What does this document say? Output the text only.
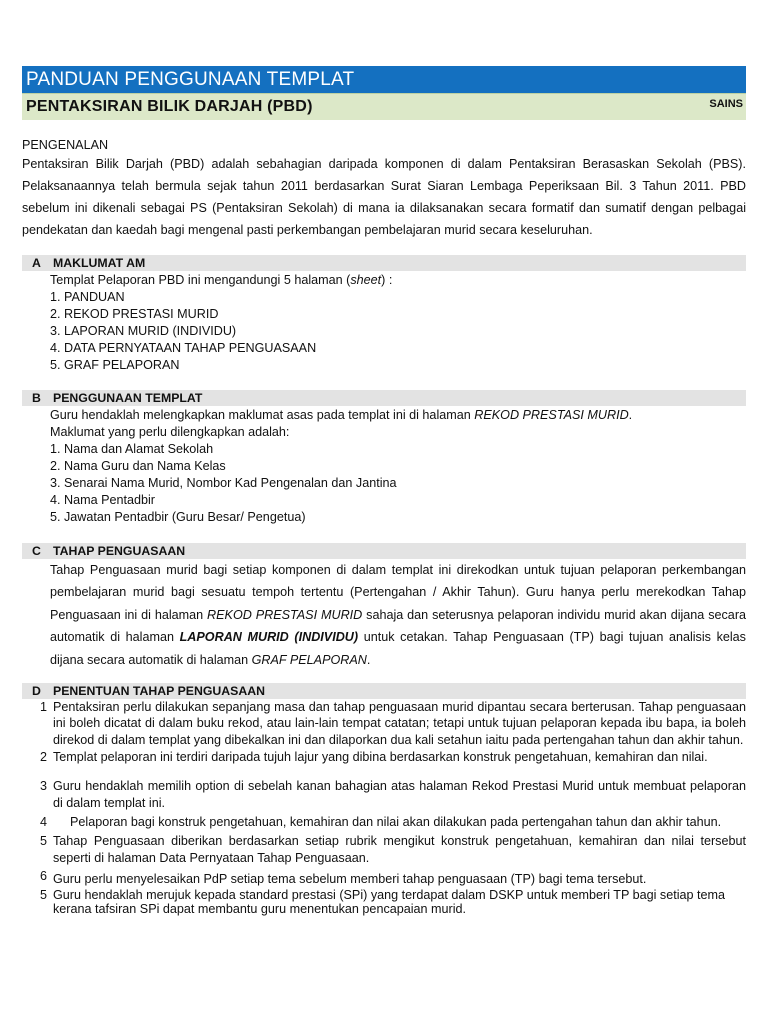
PANDUAN PENGGUNAAN TEMPLAT
PENTAKSIRAN BILIK DARJAH (PBD)	SAINS
PENGENALAN
Pentaksiran Bilik Darjah (PBD) adalah sebahagian daripada komponen di dalam Pentaksiran Berasaskan Sekolah (PBS). Pelaksanaannya telah bermula sejak tahun 2011 berdasarkan Surat Siaran Lembaga Peperiksaan Bil. 3 Tahun 2011. PBD sebelum ini dikenali sebagai PS (Pentaksiran Sekolah) di mana ia dilaksanakan secara formatif dan sumatif dengan pelbagai pendekatan dan kaedah bagi mengenal pasti perkembangan pembelajaran murid secara keseluruhan.
A MAKLUMAT AM
Templat Pelaporan PBD ini mengandungi 5 halaman (sheet) :
1. PANDUAN
2. REKOD PRESTASI MURID
3. LAPORAN MURID (INDIVIDU)
4. DATA PERNYATAAN TAHAP PENGUASAAN
5. GRAF PELAPORAN
B PENGGUNAAN TEMPLAT
Guru hendaklah melengkapkan maklumat asas pada templat ini di halaman REKOD PRESTASI MURID.
Maklumat yang perlu dilengkapkan adalah:
1. Nama dan Alamat Sekolah
2. Nama Guru dan Nama Kelas
3. Senarai Nama Murid, Nombor Kad Pengenalan dan Jantina
4. Nama Pentadbir
5. Jawatan Pentadbir (Guru Besar/ Pengetua)
C TAHAP PENGUASAAN
Tahap Penguasaan murid bagi setiap komponen di dalam templat ini direkodkan untuk tujuan pelaporan perkembangan pembelajaran murid bagi sesuatu tempoh tertentu (Pertengahan / Akhir Tahun). Guru hanya perlu merekodkan Tahap Penguasaan ini di halaman REKOD PRESTASI MURID sahaja dan seterusnya pelaporan individu murid akan dijana secara automatik di halaman LAPORAN MURID (INDIVIDU) untuk cetakan. Tahap Penguasaan (TP) bagi tujuan analisis kelas dijana secara automatik di halaman GRAF PELAPORAN.
D PENENTUAN TAHAP PENGUASAAN
1 Pentaksiran perlu dilakukan sepanjang masa dan tahap penguasaan murid dipantau secara berterusan. Tahap penguasaan ini boleh dicatat di dalam buku rekod, atau lain-lain tempat catatan; tetapi untuk tujuan pelaporan kepada ibu bapa, ia boleh direkod di dalam templat yang dibekalkan ini dan dilaporkan dua kali setahun iaitu pada pertengahan tahun dan akhir tahun.
2 Templat pelaporan ini terdiri daripada tujuh lajur yang dibina berdasarkan konstruk pengetahuan, kemahiran dan nilai.
3 Guru hendaklah memilih option di sebelah kanan bahagian atas halaman Rekod Prestasi Murid untuk membuat pelaporan di dalam templat ini.
4 Pelaporan bagi konstruk pengetahuan, kemahiran dan nilai akan dilakukan pada pertengahan tahun dan akhir tahun.
5 Tahap Penguasaan diberikan berdasarkan setiap rubrik mengikut konstruk pengetahuan, kemahiran dan nilai tersebut seperti di halaman Data Pernyataan Tahap Penguasaan.
6 Guru perlu menyelesaikan PdP setiap tema sebelum memberi tahap penguasaan (TP) bagi tema tersebut.
5 Guru hendaklah merujuk kepada standard prestasi (SPi) yang terdapat dalam DSKP untuk memberi TP bagi setiap tema kerana tafsiran SPi dapat membantu guru menentukan pencapaian murid.
